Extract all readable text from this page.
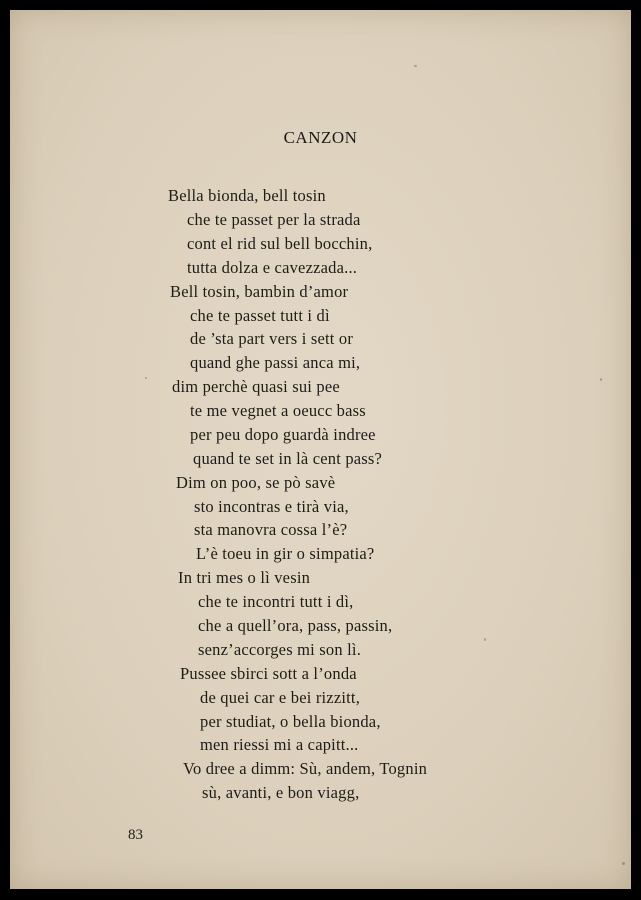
CANZON
Bella bionda, bell tosin
che te passet per la strada
cont el rid sul bell bocchin,
tutta dolza e cavezzada...
Bell tosin, bambin d’amor
che te passet tutt i dì
de ’sta part vers i sett or
quand ghe passi anca mi,
dim perchè quasi sui pee
te me vegnet a oeucc bass
per peu dopo guardà indree
quand te set in là cent pass?
Dim on poo, se pò savè
sto incontras e tirà via,
sta manovra cossa l’è?
L’è toeu in gir o simpatia?
In tri mes o lì vesin
che te incontri tutt i dì,
che a quell’ora, pass, passin,
senz’accorges mi son lì.
Pussee sbirci sott a l’onda
de quei car e bei rizzitt,
per studiat, o bella bionda,
men riessi mi a capitt...
Vo dree a dimm: Sù, andem, Tognin
sù, avanti, e bon viagg,

83
